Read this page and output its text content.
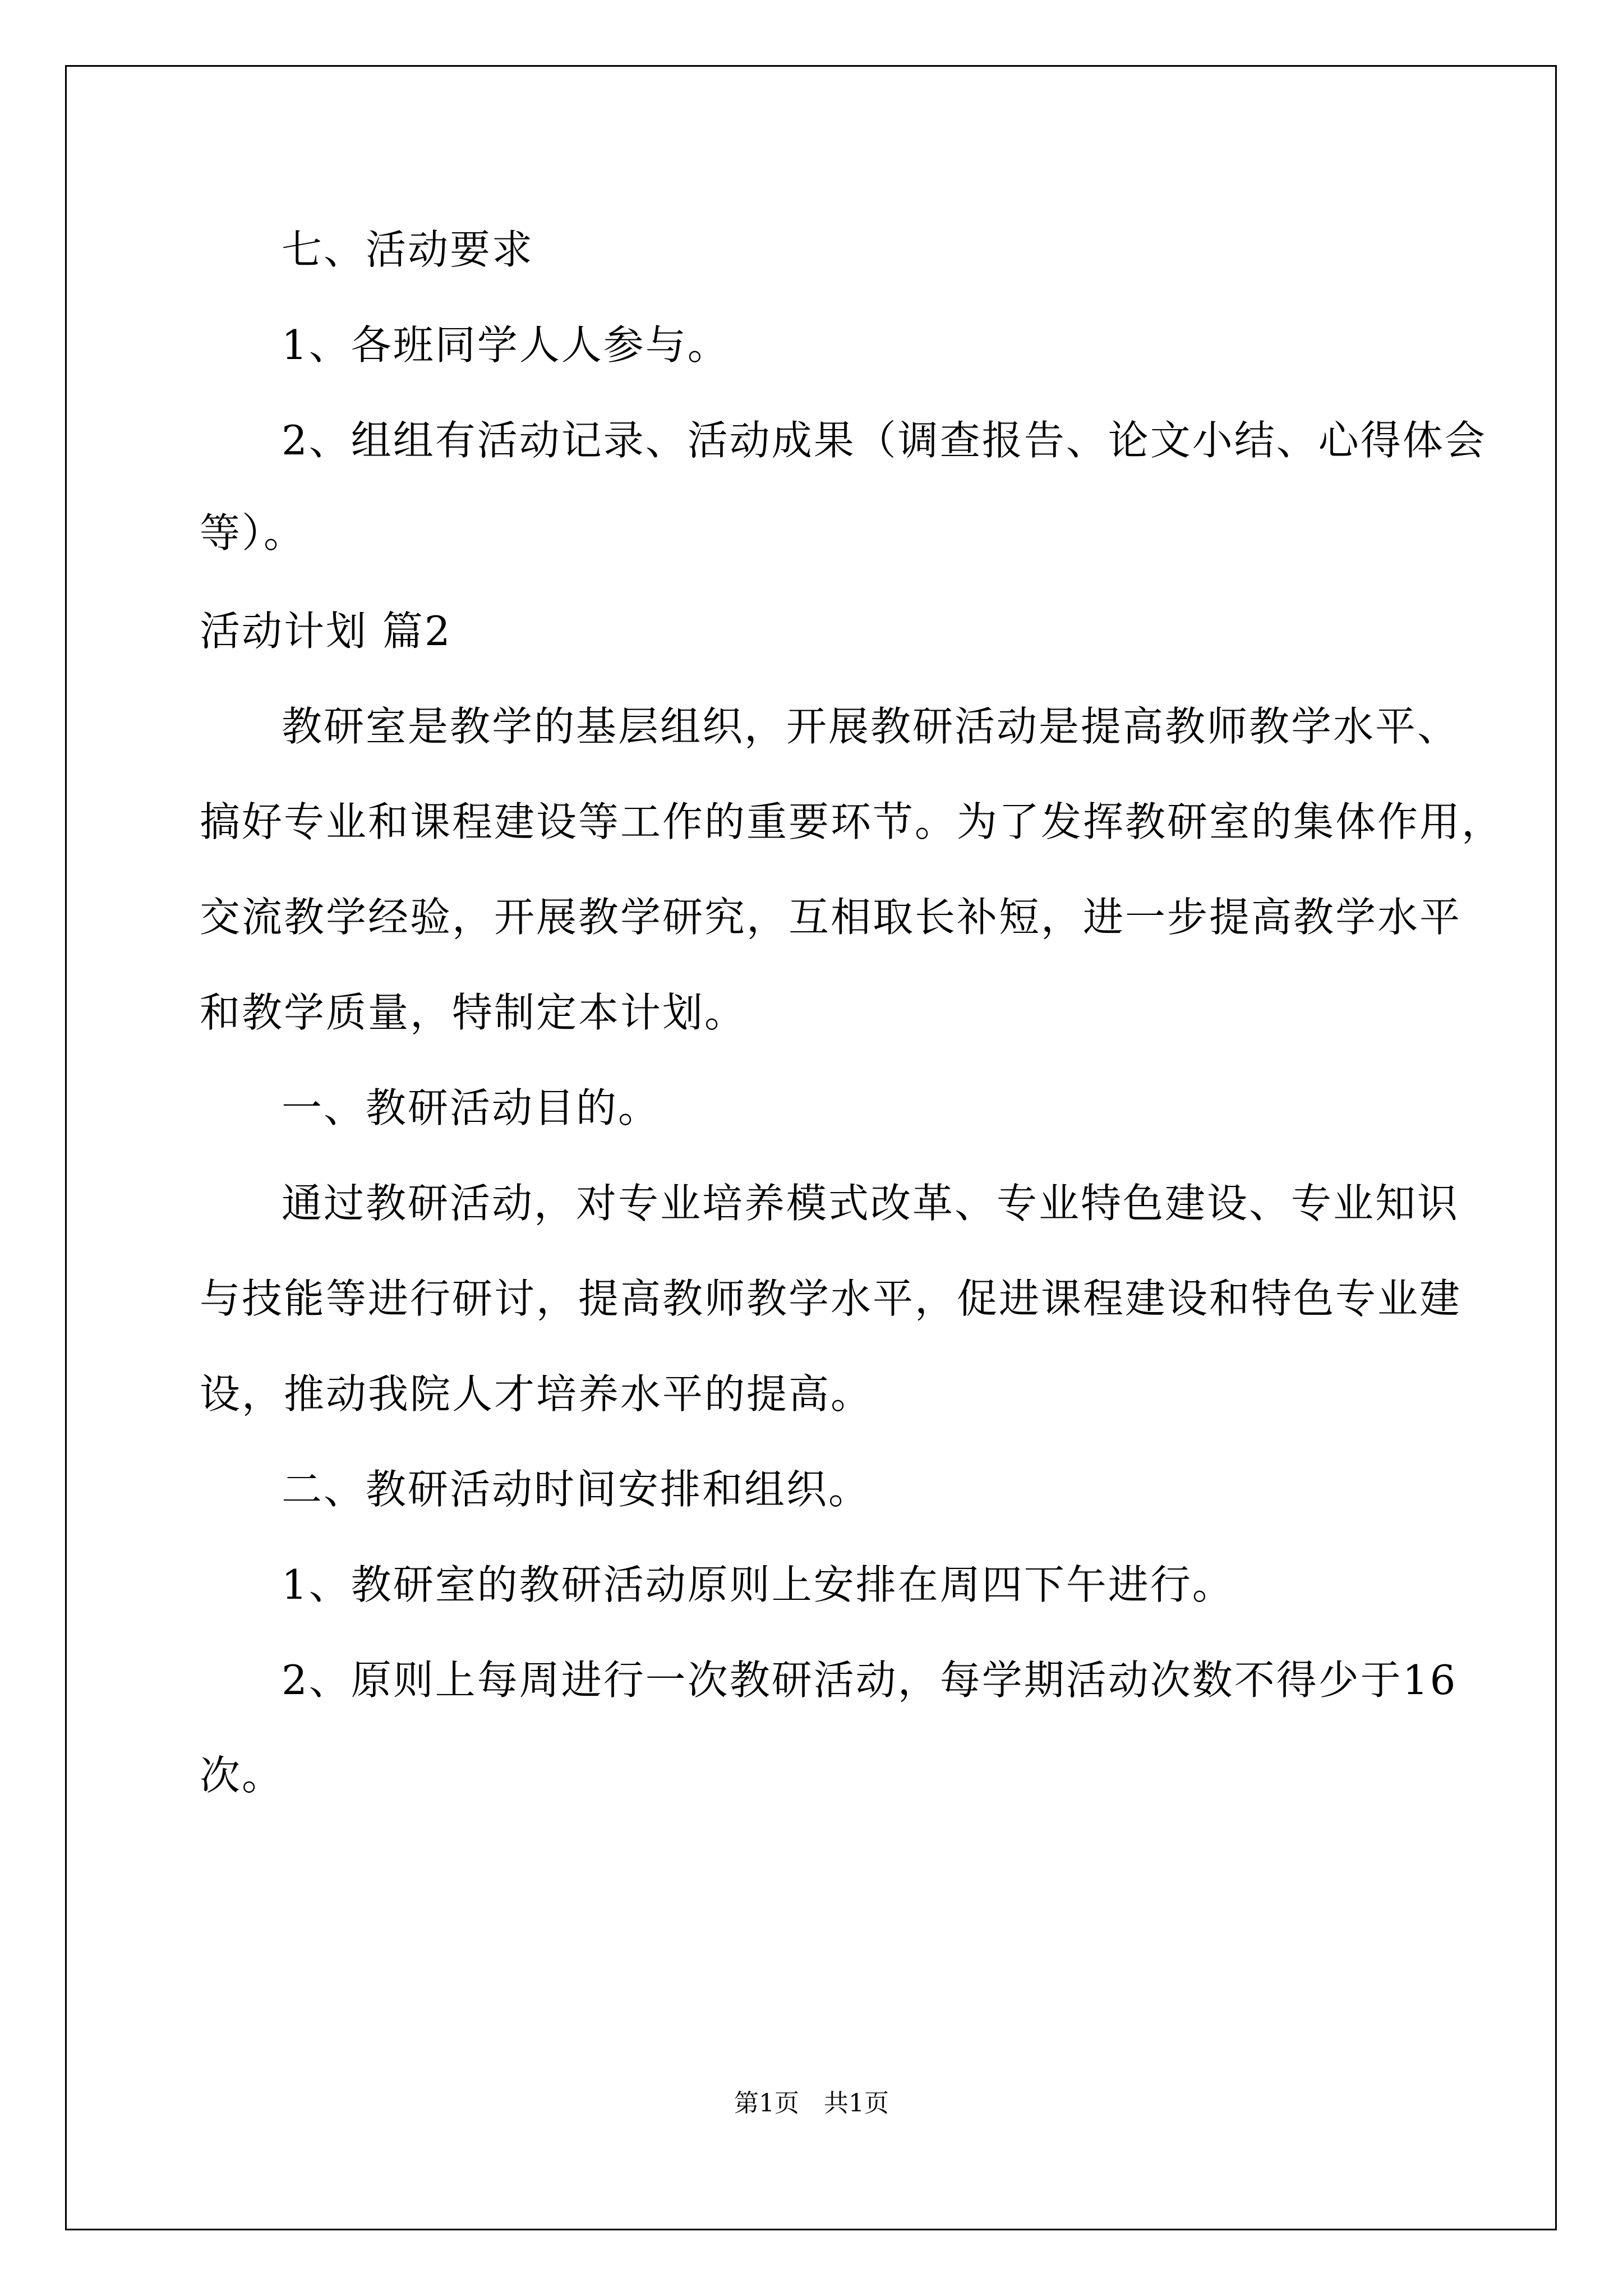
七、活动要求
1、各班同学人人参与。
2、组组有活动记录、活动成果（调查报告、论文小结、心得体会
等）。
活动计划 篇2
教研室是教学的基层组织，开展教研活动是提高教师教学水平、
搞好专业和课程建设等工作的重要环节。为了发挥教研室的集体作用，
交流教学经验，开展教学研究，互相取长补短，进一步提高教学水平
和教学质量，特制定本计划。
一、教研活动目的。
通过教研活动，对专业培养模式改革、专业特色建设、专业知识
与技能等进行研讨，提高教师教学水平，促进课程建设和特色专业建
设，推动我院人才培养水平的提高。
二、教研活动时间安排和组织。
1、教研室的教研活动原则上安排在周四下午进行。
2、原则上每周进行一次教研活动，每学期活动次数不得少于16
次。
第1页　共1页
